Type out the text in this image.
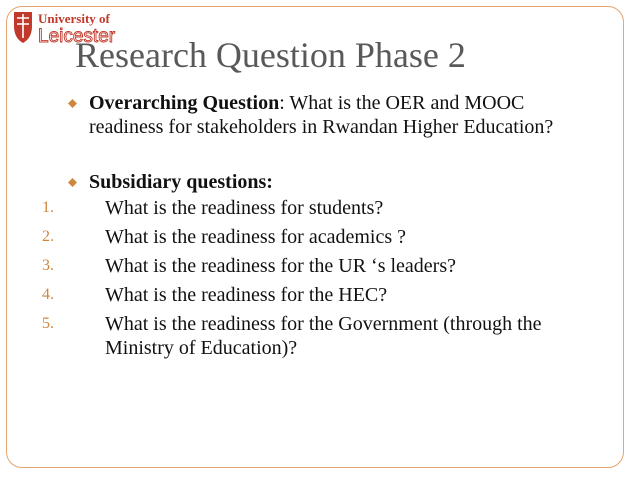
University of
Leicester
Research Question Phase 2
Overarching Question: What is the OER and MOOC readiness for stakeholders in Rwandan Higher Education?
Subsidiary questions:
1.	What is the readiness for students?
2.	What is the readiness for academics ?
3.	What is the readiness for the UR ‘s leaders?
4.	What is the readiness for the HEC?
5.	What is the readiness for the Government (through the Ministry of Education)?
